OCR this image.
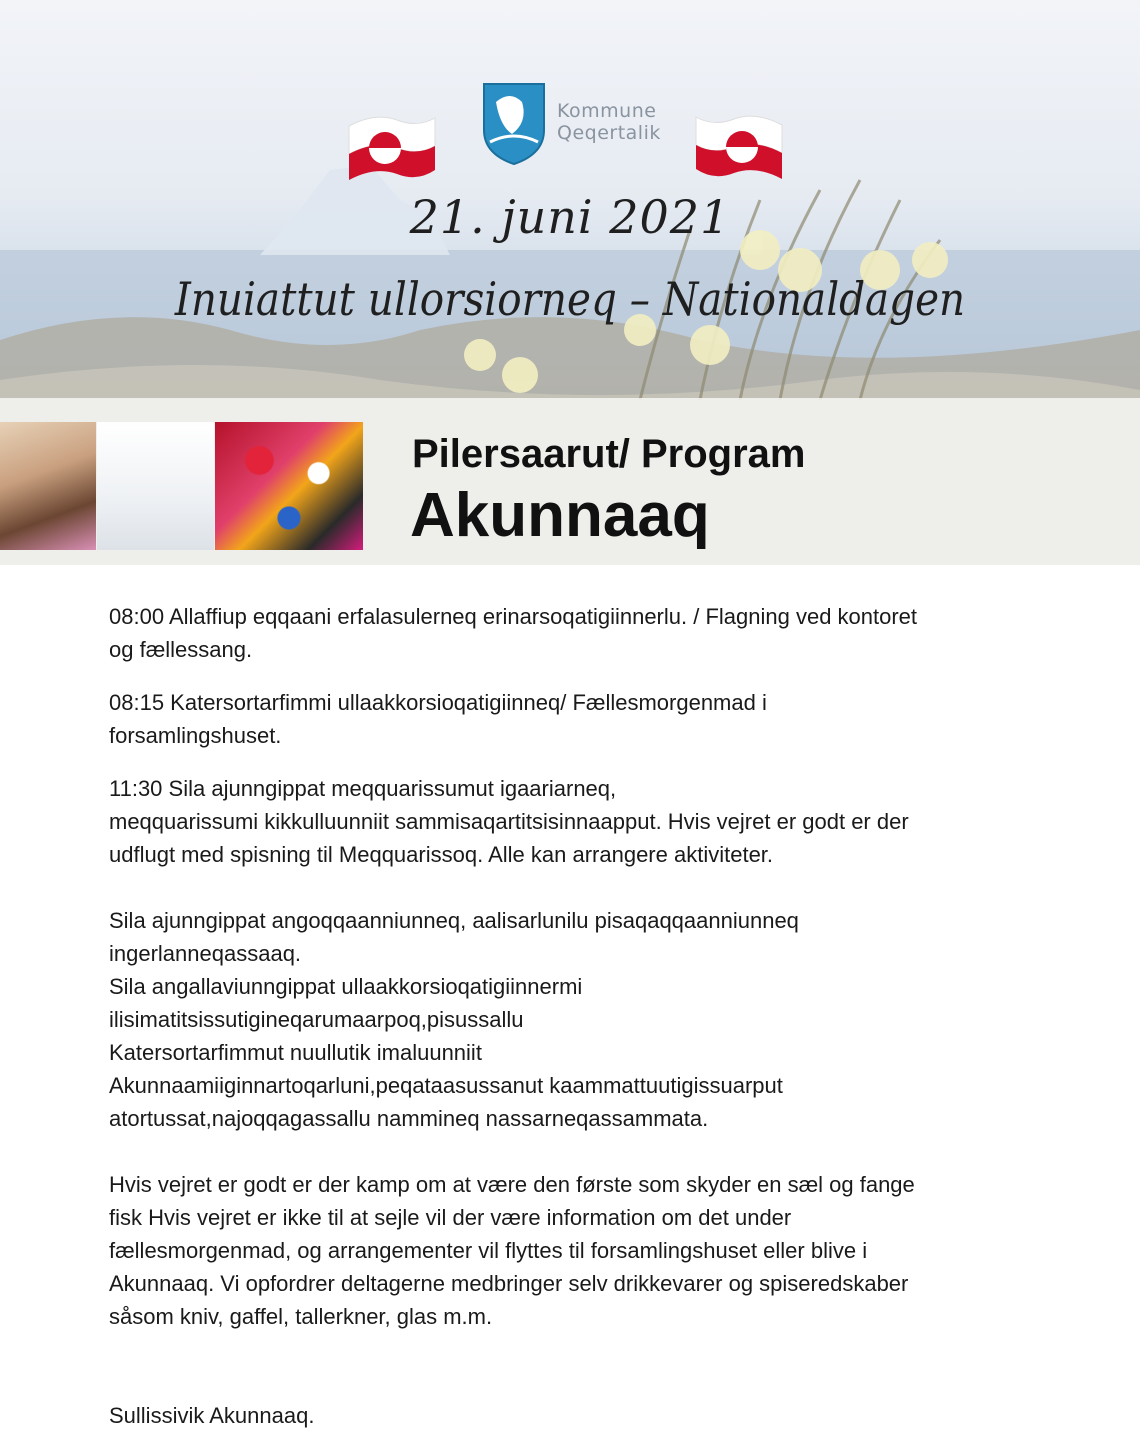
Kommune
Qeqertalik
21. juni 2021
Inuiattut ullorsiorneq – Nationaldagen
Pilersaarut/ Program
Akunnaaq
08:00 Allaffiup eqqaani erfalasulerneq erinarsoqatigiinnerlu. / Flagning ved kontoret
og fællessang.
08:15 Katersortarfimmi ullaakkorsioqatigiinneq/ Fællesmorgenmad i
forsamlingshuset.
11:30 Sila ajunngippat meqquarissumut igaariarneq,
meqquarissumi kikkulluunniit sammisaqartitsisinnaapput. Hvis vejret er godt er der
udflugt med spisning til Meqquarissoq. Alle kan arrangere aktiviteter.
Sila ajunngippat angoqqaanniunneq, aalisarlunilu pisaqaqqaanniunneq
ingerlanneqassaaq.
Sila angallaviunngippat ullaakkorsioqatigiinnermi
ilisimatitsissutigineqarumaarpoq,pisussallu
Katersortarfimmut nuullutik imaluunniit
Akunnaamiiginnartoqarluni,peqataasussanut kaammattuutigissuarput
atortussat,najoqqagassallu nammineq nassarneqassammata.
Hvis vejret er godt er der kamp om at være den første som skyder en sæl og fange
fisk Hvis vejret er ikke til at sejle vil der være information om det under
fællesmorgenmad, og arrangementer vil flyttes til forsamlingshuset eller blive i
Akunnaaq. Vi opfordrer deltagerne medbringer selv drikkevarer og spiseredskaber
såsom kniv, gaffel, tallerkner, glas m.m.
Sullissivik Akunnaaq.
